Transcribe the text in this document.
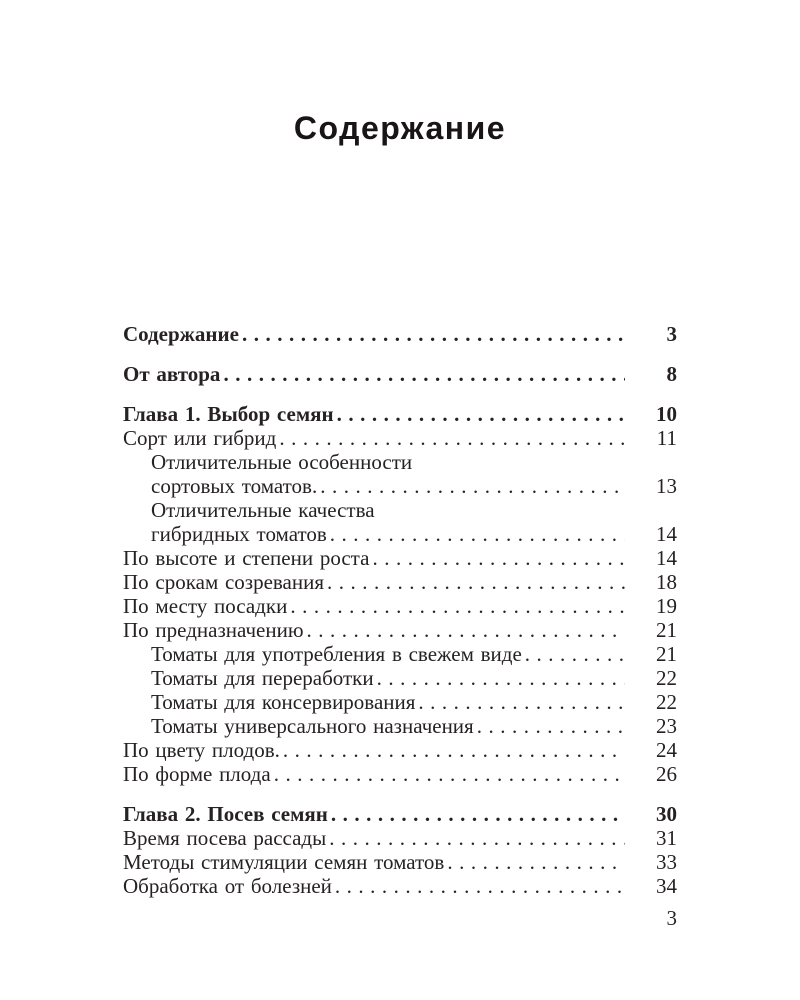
Содержание
Содержание .....	3
От автора .....	8
Глава 1. Выбор семян .....	10
Сорт или гибрид .....	11
Отличительные особенности
сортовых томатов. .....	13
Отличительные качества
гибридных томатов .....	14
По высоте и степени роста .....	14
По срокам созревания .....	18
По месту посадки .....	19
По предназначению .....	21
Томаты для употребления в свежем виде .....	21
Томаты для переработки .....	22
Томаты для консервирования .....	22
Томаты универсального назначения .....	23
По цвету плодов. .....	24
По форме плода .....	26
Глава 2. Посев семян .....	30
Время посева рассады .....	31
Методы стимуляции семян томатов .....	33
Обработка от болезней .....	34
3
